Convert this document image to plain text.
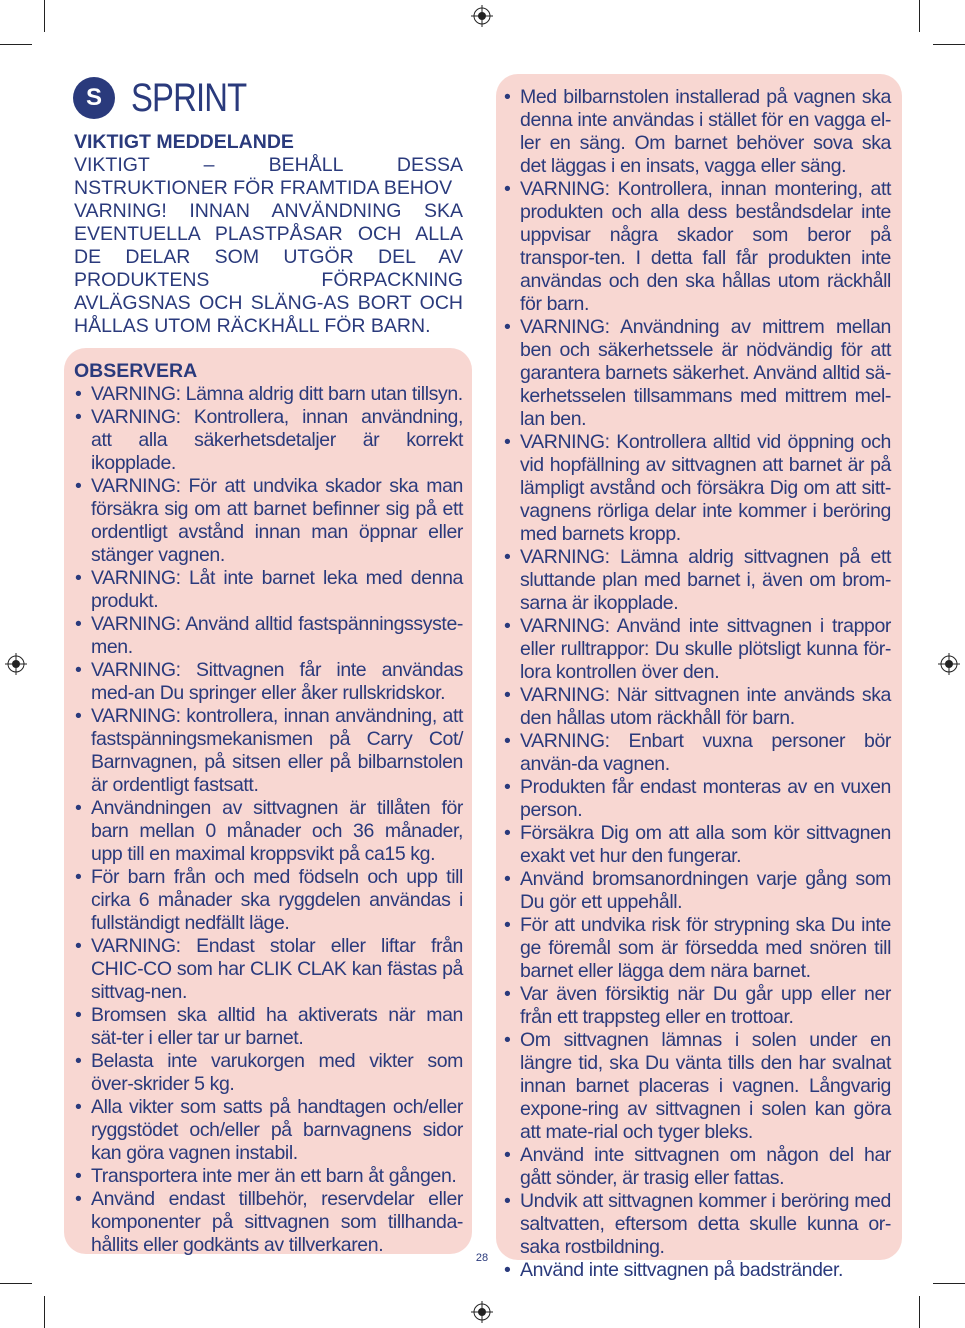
S SPRINT
VIKTIGT MEDDELANDE
VIKTIGT – BEHÅLL DESSA NSTRUKTIONER FÖR FRAMTIDA BEHOV
VARNING! INNAN ANVÄNDNING SKA EVENTUELLA PLASTPÅSAR OCH ALLA DE DELAR SOM UTGÖR DEL AV PRODUKTENS FÖRPACKNING AVLÄGSNAS OCH SLÄNG-AS BORT OCH HÅLLAS UTOM RÄCKHÅLL FÖR BARN.
OBSERVERA
• VARNING: Lämna aldrig ditt barn utan tillsyn.
• VARNING: Kontrollera, innan användning, att alla säkerhetsdetaljer är korrekt ikopplade.
• VARNING: För att undvika skador ska man försäkra sig om att barnet befinner sig på ett ordentligt avstånd innan man öppnar eller stänger vagnen.
• VARNING: Låt inte barnet leka med denna produkt.
• VARNING: Använd alltid fastspänningssyste-men.
• VARNING: Sittvagnen får inte användas med-an Du springer eller åker rullskridskor.
• VARNING: kontrollera, innan användning, att fastspänningsmekanismen på Carry Cot/ Barnvagnen, på sitsen eller på bilbarnstolen är ordentligt fastsatt.
• Användningen av sittvagnen är tillåten för barn mellan 0 månader och 36 månader, upp till en maximal kroppsvikt på ca15 kg.
• För barn från och med födseln och upp till cirka 6 månader ska ryggdelen användas i fullständigt nedfällt läge.
• VARNING: Endast stolar eller liftar från CHIC-CO som har CLIK CLAK kan fästas på sittvag-nen.
• Bromsen ska alltid ha aktiverats när man sät-ter i eller tar ur barnet.
• Belasta inte varukorgen med vikter som över-skrider 5 kg.
• Alla vikter som satts på handtagen och/eller ryggstödet och/eller på barnvagnens sidor kan göra vagnen instabil.
• Transportera inte mer än ett barn åt gången.
• Använd endast tillbehör, reservdelar eller komponenter på sittvagnen som tillhanda-hållits eller godkänts av tillverkaren.
• Med bilbarnstolen installerad på vagnen ska denna inte användas i stället för en vagga el-ler en säng. Om barnet behöver sova ska det läggas i en insats, vagga eller säng.
• VARNING: Kontrollera, innan montering, att produkten och alla dess beståndsdelar inte uppvisar några skador som beror på transpor-ten. I detta fall får produkten inte användas och den ska hållas utom räckhåll för barn.
• VARNING: Användning av mittrem mellan ben och säkerhetssele är nödvändig för att garantera barnets säkerhet. Använd alltid sä-kerhetsselen tillsammans med mittrem mel-lan ben.
• VARNING: Kontrollera alltid vid öppning och vid hopfällning av sittvagnen att barnet är på lämpligt avstånd och försäkra Dig om att sitt-vagnens rörliga delar inte kommer i beröring med barnets kropp.
• VARNING: Lämna aldrig sittvagnen på ett sluttande plan med barnet i, även om brom-sarna är ikopplade.
• VARNING: Använd inte sittvagnen i trappor eller rulltrappor: Du skulle plötsligt kunna för-lora kontrollen över den.
• VARNING: När sittvagnen inte används ska den hållas utom räckhåll för barn.
• VARNING: Enbart vuxna personer bör använ-da vagnen.
• Produkten får endast monteras av en vuxen person.
• Försäkra Dig om att alla som kör sittvagnen exakt vet hur den fungerar.
• Använd bromsanordningen varje gång som Du gör ett uppehåll.
• För att undvika risk för strypning ska Du inte ge föremål som är försedda med snören till barnet eller lägga dem nära barnet.
• Var även försiktig när Du går upp eller ner från ett trappsteg eller en trottoar.
• Om sittvagnen lämnas i solen under en längre tid, ska Du vänta tills den har svalnat innan barnet placeras i vagnen. Långvarig expone-ring av sittvagnen i solen kan göra att mate-rial och tyger bleks.
• Använd inte sittvagnen om någon del har gått sönder, är trasig eller fattas.
• Undvik att sittvagnen kommer i beröring med saltvatten, eftersom detta skulle kunna or-saka rostbildning.
• Använd inte sittvagnen på badstränder.
28
